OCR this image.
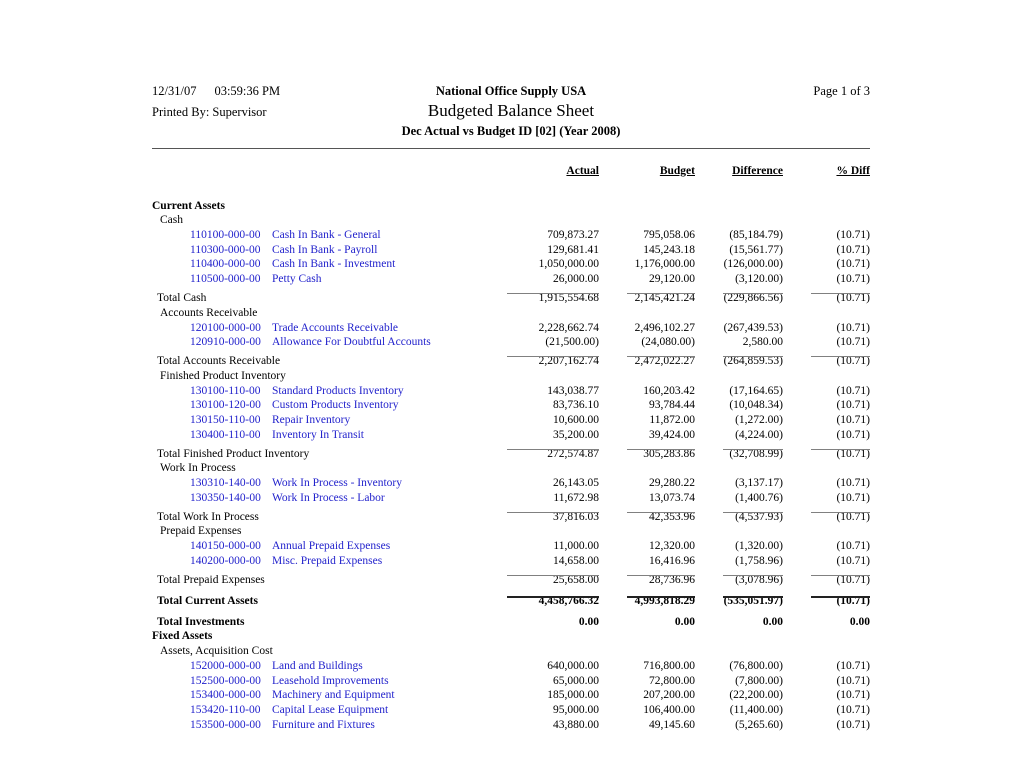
12/31/07 03:59:36 PM
Printed By: Supervisor
National Office Supply USA
Budgeted Balance Sheet
Dec Actual vs Budget ID [02] (Year 2008)
Page 1 of 3
Actual	Budget	Difference	% Diff
Current Assets
Cash
110100-000-00 Cash In Bank - General	709,873.27	795,058.06	(85,184.79)	(10.71)
110300-000-00 Cash In Bank - Payroll	129,681.41	145,243.18	(15,561.77)	(10.71)
110400-000-00 Cash In Bank - Investment	1,050,000.00	1,176,000.00	(126,000.00)	(10.71)
110500-000-00 Petty Cash	26,000.00	29,120.00	(3,120.00)	(10.71)
Total Cash	1,915,554.68	2,145,421.24	(229,866.56)	(10.71)
Accounts Receivable
120100-000-00 Trade Accounts Receivable	2,228,662.74	2,496,102.27	(267,439.53)	(10.71)
120910-000-00 Allowance For Doubtful Accounts	(21,500.00)	(24,080.00)	2,580.00	(10.71)
Total Accounts Receivable	2,207,162.74	2,472,022.27	(264,859.53)	(10.71)
Finished Product Inventory
130100-110-00 Standard Products Inventory	143,038.77	160,203.42	(17,164.65)	(10.71)
130100-120-00 Custom Products Inventory	83,736.10	93,784.44	(10,048.34)	(10.71)
130150-110-00 Repair Inventory	10,600.00	11,872.00	(1,272.00)	(10.71)
130400-110-00 Inventory In Transit	35,200.00	39,424.00	(4,224.00)	(10.71)
Total Finished Product Inventory	272,574.87	305,283.86	(32,708.99)	(10.71)
Work In Process
130310-140-00 Work In Process - Inventory	26,143.05	29,280.22	(3,137.17)	(10.71)
130350-140-00 Work In Process - Labor	11,672.98	13,073.74	(1,400.76)	(10.71)
Total Work In Process	37,816.03	42,353.96	(4,537.93)	(10.71)
Prepaid Expenses
140150-000-00 Annual Prepaid Expenses	11,000.00	12,320.00	(1,320.00)	(10.71)
140200-000-00 Misc. Prepaid Expenses	14,658.00	16,416.96	(1,758.96)	(10.71)
Total Prepaid Expenses	25,658.00	28,736.96	(3,078.96)	(10.71)
Total Current Assets	4,458,766.32	4,993,818.29	(535,051.97)	(10.71)
Total Investments	0.00	0.00	0.00	0.00
Fixed Assets
Assets, Acquisition Cost
152000-000-00 Land and Buildings	640,000.00	716,800.00	(76,800.00)	(10.71)
152500-000-00 Leasehold Improvements	65,000.00	72,800.00	(7,800.00)	(10.71)
153400-000-00 Machinery and Equipment	185,000.00	207,200.00	(22,200.00)	(10.71)
153420-110-00 Capital Lease Equipment	95,000.00	106,400.00	(11,400.00)	(10.71)
153500-000-00 Furniture and Fixtures	43,880.00	49,145.60	(5,265.60)	(10.71)
